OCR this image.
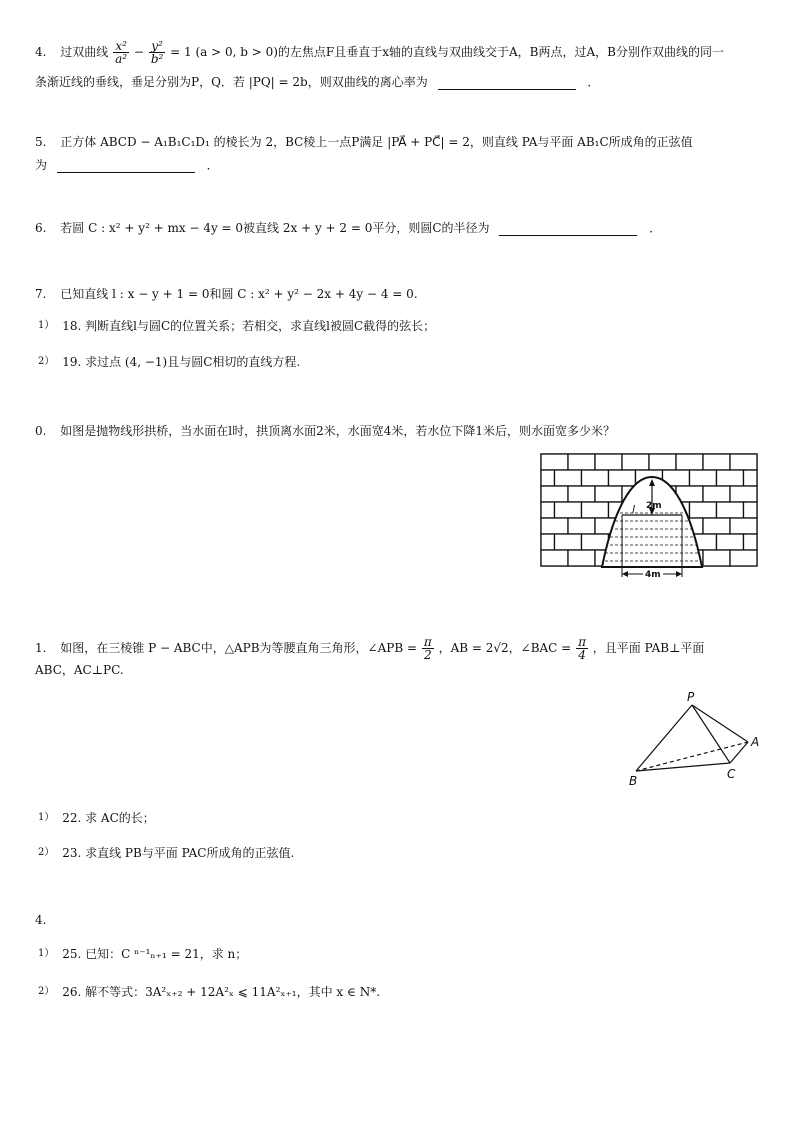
4. 过双曲线 $\frac{\text{x²}}{\text{a²}} - \frac{\text{y²}}{\text{b²}} = 1$ (a > 0, b > 0)的左焦点F且垂直于x轴的直线与双曲线交于A，B两点，过A，B分别作双曲线的同一
条渐近线的垂线，垂足分别为P，Q．若 |PQ| = 2b，则双曲线的离心率为	．
5. 正方体 ABCD − A₁B₁C₁D₁ 的棱长为 2，BC棱上一点P满足 |PA⃗ + PC⃗| = 2，则直线 PA与平面 AB₁C所成角的正弦值
为	．
6. 若圆 C : x² + y² + mx − 4y = 0被直线 2x + y + 2 = 0平分，则圆C的半径为	．
7. 已知直线 l : x − y + 1 = 0和圆 C : x² + y² − 2x + 4y − 4 = 0.
$^{1)}$ 18. 判断直线l与圆C的位置关系；若相交，求直线l被圆C截得的弦长；
$^{2)}$ 19. 求过点 (4, −1)且与圆C相切的直线方程.
0. 如图是抛物线形拱桥，当水面在l时，拱顶离水面2米，水面宽4米，若水位下降1米后，则水面宽多少米？
2m
l
4m
1. 如图，在三棱锥 P − ABC中，△APB为等腰直角三角形，∠APB = $\frac{\pi}{2}$ ，AB = 2√2，∠BAC = $\frac{\pi}{4}$ ，且平面 PAB⊥平面
ABC，AC⊥PC.
P
A
B	C
$^{1)}$ 22. 求 AC的长；
$^{2)}$ 23. 求直线 PB与平面 PAC所成角的正弦值.
4.
$^{1)}$ 25. 已知：C ⁿ⁻¹ₙ₊₁ = 21，求 n；
$^{2)}$ 26. 解不等式：3A²ₓ₊₂ + 12A²ₓ ⩽ 11A²ₓ₊₁，其中 x ∈ N*.
